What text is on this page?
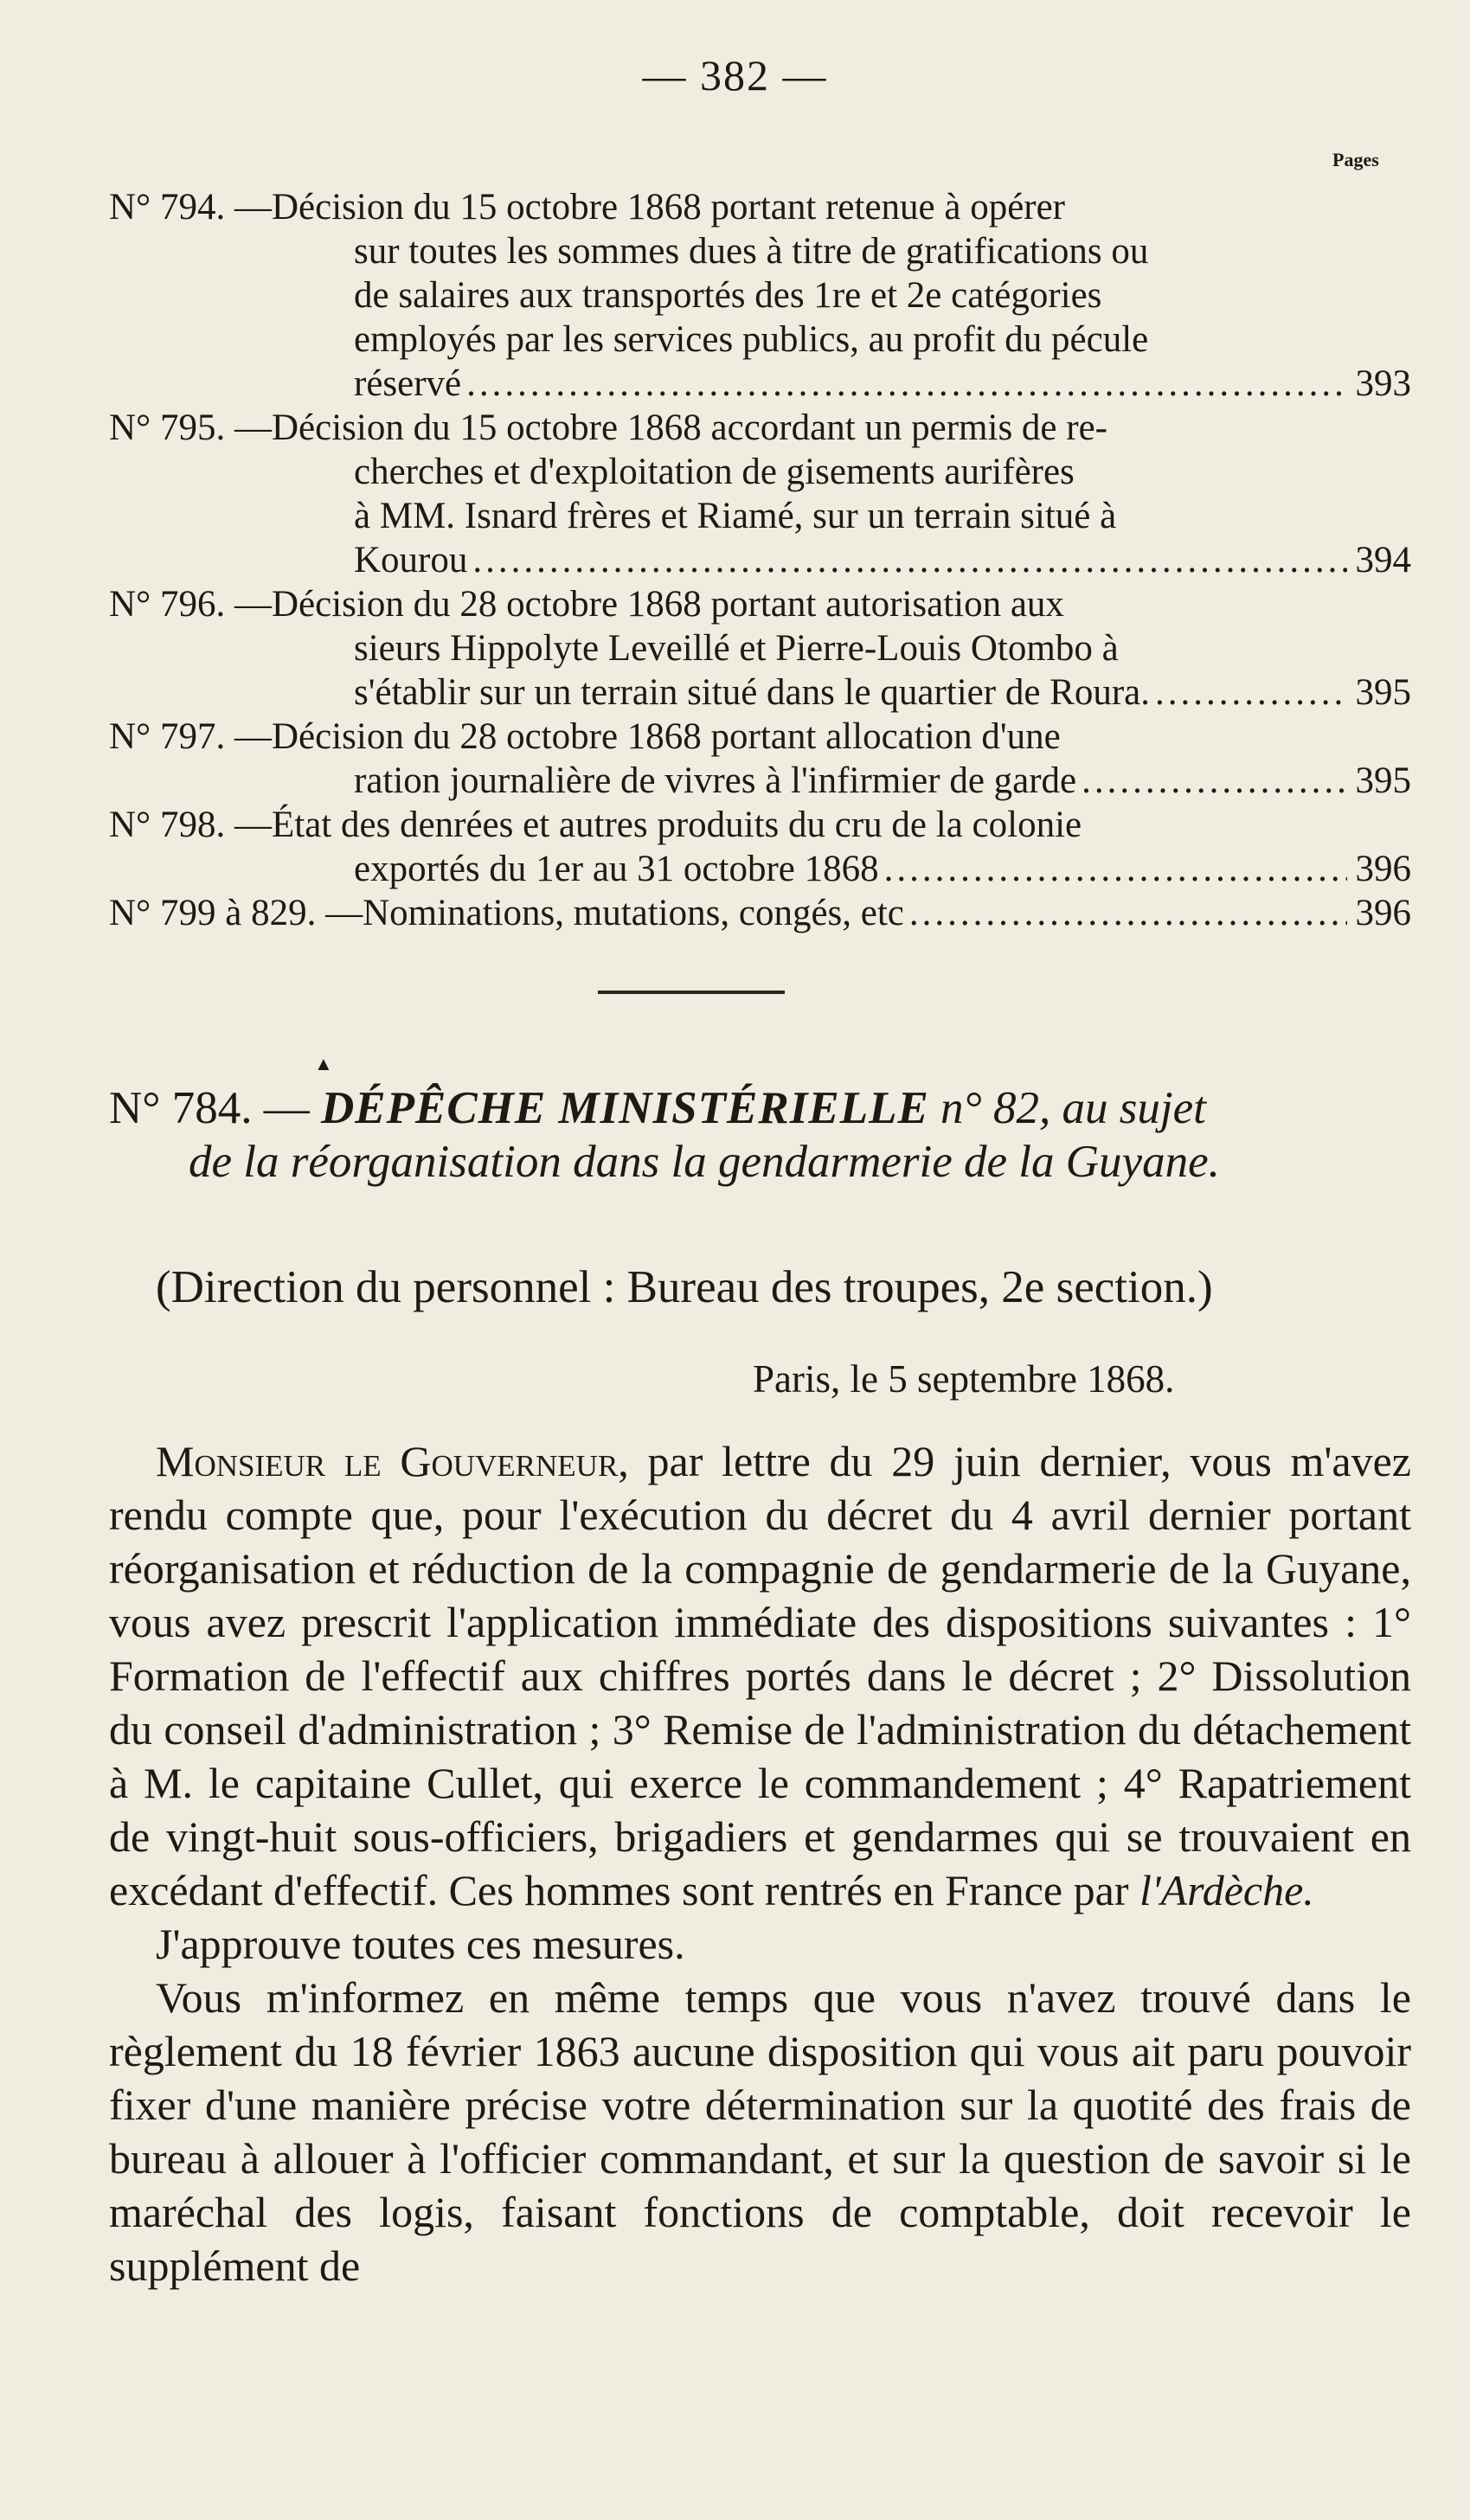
— 382 —
Pages
N° 794. — Décision du 15 octobre 1868 portant retenue à opérer
sur toutes les sommes dues à titre de gratifications ou
de salaires aux transportés des 1re et 2e catégories
employés par les services publics, au profit du pécule
réservé .....	393
N° 795. — Décision du 15 octobre 1868 accordant un permis de re-
cherches et d'exploitation de gisements aurifères
à MM. Isnard frères et Riamé, sur un terrain situé à
Kourou .....	394
N° 796. — Décision du 28 octobre 1868 portant autorisation aux
sieurs Hippolyte Leveillé et Pierre-Louis Otombo à
s'établir sur un terrain situé dans le quartier de Roura. .....	395
N° 797. — Décision du 28 octobre 1868 portant allocation d'une
ration journalière de vivres à l'infirmier de garde .....	395
N° 798. — État des denrées et autres produits du cru de la colonie
exportés du 1er au 31 octobre 1868 .....	396
N° 799 à 829. — Nominations, mutations, congés, etc .....	396
▲
N° 784. — DÉPÊCHE MINISTÉRIELLE n° 82, au sujet
de la réorganisation dans la gendarmerie de la Guyane.
(Direction du personnel : Bureau des troupes, 2e section.)
Paris, le 5 septembre 1868.

Monsieur le Gouverneur, par lettre du 29 juin dernier, vous m'avez rendu compte que, pour l'exécution du décret du 4 avril dernier portant réorganisation et réduction de la compagnie de gendarmerie de la Guyane, vous avez prescrit l'application immédiate des dispositions suivantes : 1° Formation de l'effectif aux chiffres portés dans le décret ; 2° Dissolution du conseil d'administration ; 3° Remise de l'administration du détachement à M. le capitaine Cullet, qui exerce le commandement ; 4° Rapatriement de vingt-huit sous-officiers, brigadiers et gendarmes qui se trouvaient en excédant d'effectif. Ces hommes sont rentrés en France par l'Ardèche.

J'approuve toutes ces mesures.

Vous m'informez en même temps que vous n'avez trouvé dans le règlement du 18 février 1863 aucune disposition qui vous ait paru pouvoir fixer d'une manière précise votre détermination sur la quotité des frais de bureau à allouer à l'officier commandant, et sur la question de savoir si le maréchal des logis, faisant fonctions de comptable, doit recevoir le supplément de
